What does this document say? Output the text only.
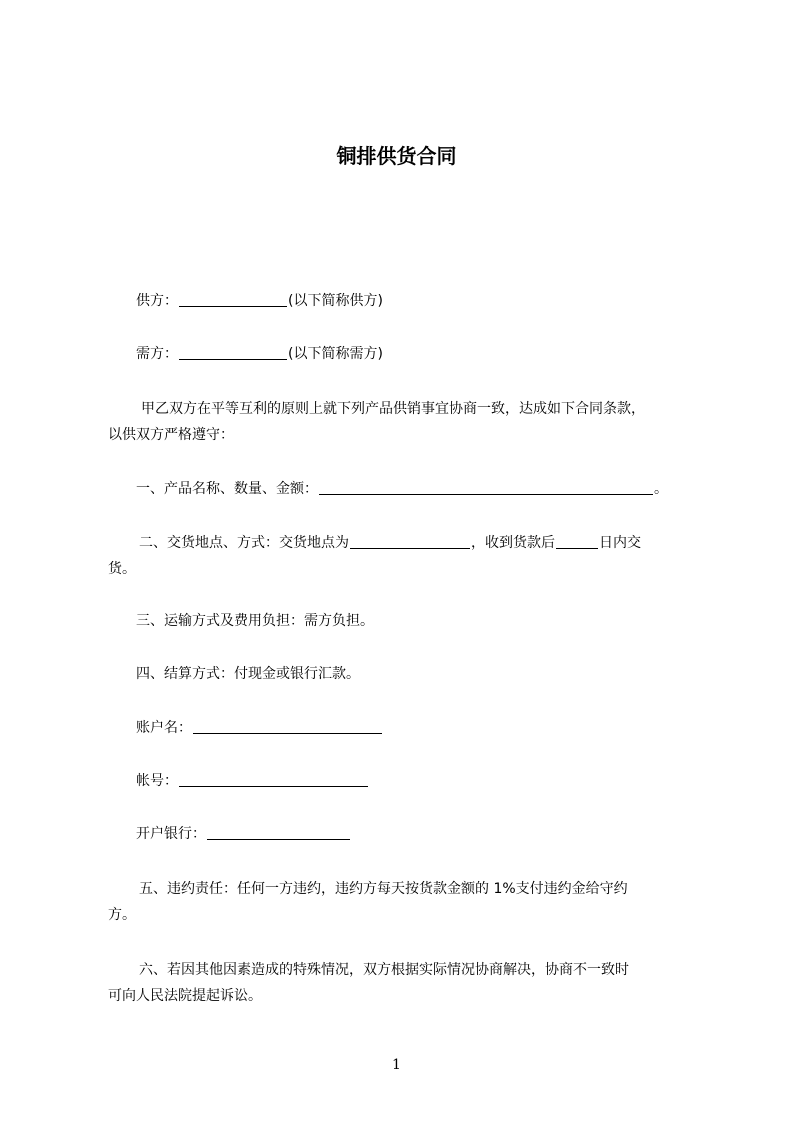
铜排供货合同
供方：	(以下简称供方)
需方：	(以下简称需方)
甲乙双方在平等互利的原则上就下列产品供销事宜协商一致，达成如下合同条款，
以供双方严格遵守：
一、产品名称、数量、金额：	。
二、交货地点、方式：交货地点为	，收到货款后	日内交
货。
三、运输方式及费用负担：需方负担。
四、结算方式：付现金或银行汇款。
账户名：
帐号：
开户银行：
五、违约责任：任何一方违约，违约方每天按货款金额的 1%支付违约金给守约
方。
六、若因其他因素造成的特殊情况，双方根据实际情况协商解决，协商不一致时
可向人民法院提起诉讼。
1
